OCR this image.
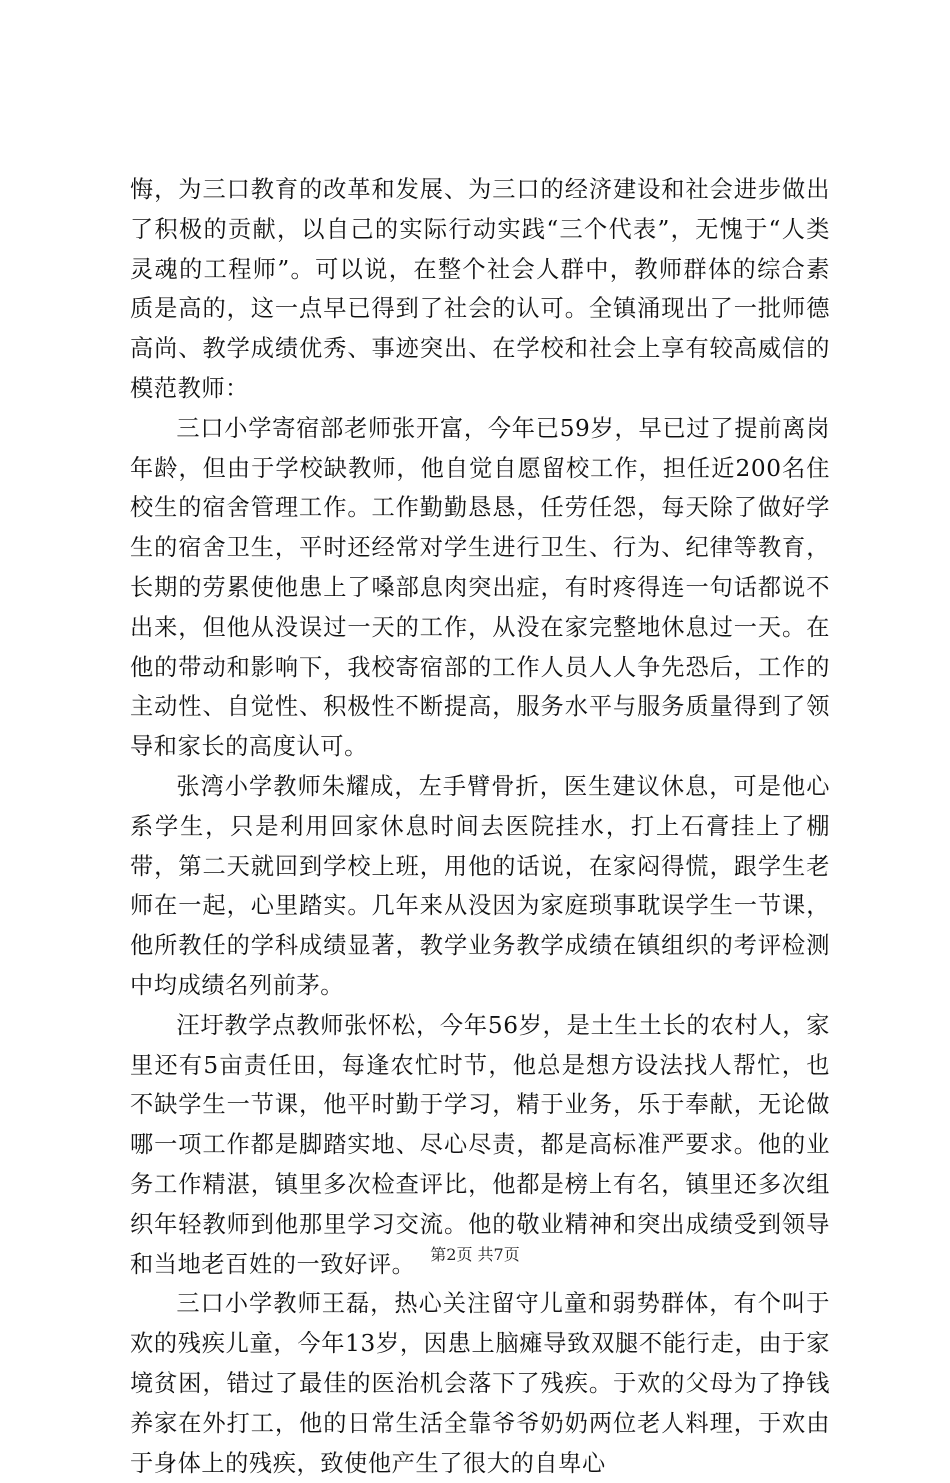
悔，为三口教育的改革和发展、为三口的经济建设和社会进步做出了积极的贡献，以自己的实际行动实践“三个代表”，无愧于“人类灵魂的工程师”。可以说，在整个社会人群中，教师群体的综合素质是高的，这一点早已得到了社会的认可。全镇涌现出了一批师德高尚、教学成绩优秀、事迹突出、在学校和社会上享有较高威信的模范教师：

三口小学寄宿部老师张开富，今年已59岁，早已过了提前离岗年龄，但由于学校缺教师，他自觉自愿留校工作，担任近200名住校生的宿舍管理工作。工作勤勤恳恳，任劳任怨，每天除了做好学生的宿舍卫生，平时还经常对学生进行卫生、行为、纪律等教育，长期的劳累使他患上了嗓部息肉突出症，有时疼得连一句话都说不出来，但他从没误过一天的工作，从没在家完整地休息过一天。在他的带动和影响下，我校寄宿部的工作人员人人争先恐后，工作的主动性、自觉性、积极性不断提高，服务水平与服务质量得到了领导和家长的高度认可。

张湾小学教师朱耀成，左手臂骨折，医生建议休息，可是他心系学生，只是利用回家休息时间去医院挂水，打上石膏挂上了棚带，第二天就回到学校上班，用他的话说，在家闷得慌，跟学生老师在一起，心里踏实。几年来从没因为家庭琐事耽误学生一节课，他所教任的学科成绩显著，教学业务教学成绩在镇组织的考评检测中均成绩名列前茅。

汪圩教学点教师张怀松，今年56岁，是土生土长的农村人，家里还有5亩责任田，每逢农忙时节，他总是想方设法找人帮忙，也不缺学生一节课，他平时勤于学习，精于业务，乐于奉献，无论做哪一项工作都是脚踏实地、尽心尽责，都是高标准严要求。他的业务工作精湛，镇里多次检查评比，他都是榜上有名，镇里还多次组织年轻教师到他那里学习交流。他的敬业精神和突出成绩受到领导和当地老百姓的一致好评。

三口小学教师王磊，热心关注留守儿童和弱势群体，有个叫于欢的残疾儿童，今年13岁，因患上脑瘫导致双腿不能行走，由于家境贫困，错过了最佳的医治机会落下了残疾。于欢的父母为了挣钱养家在外打工，他的日常生活全靠爷爷奶奶两位老人料理，于欢由于身体上的残疾，致使他产生了很大的自卑心

第2页 共7页
